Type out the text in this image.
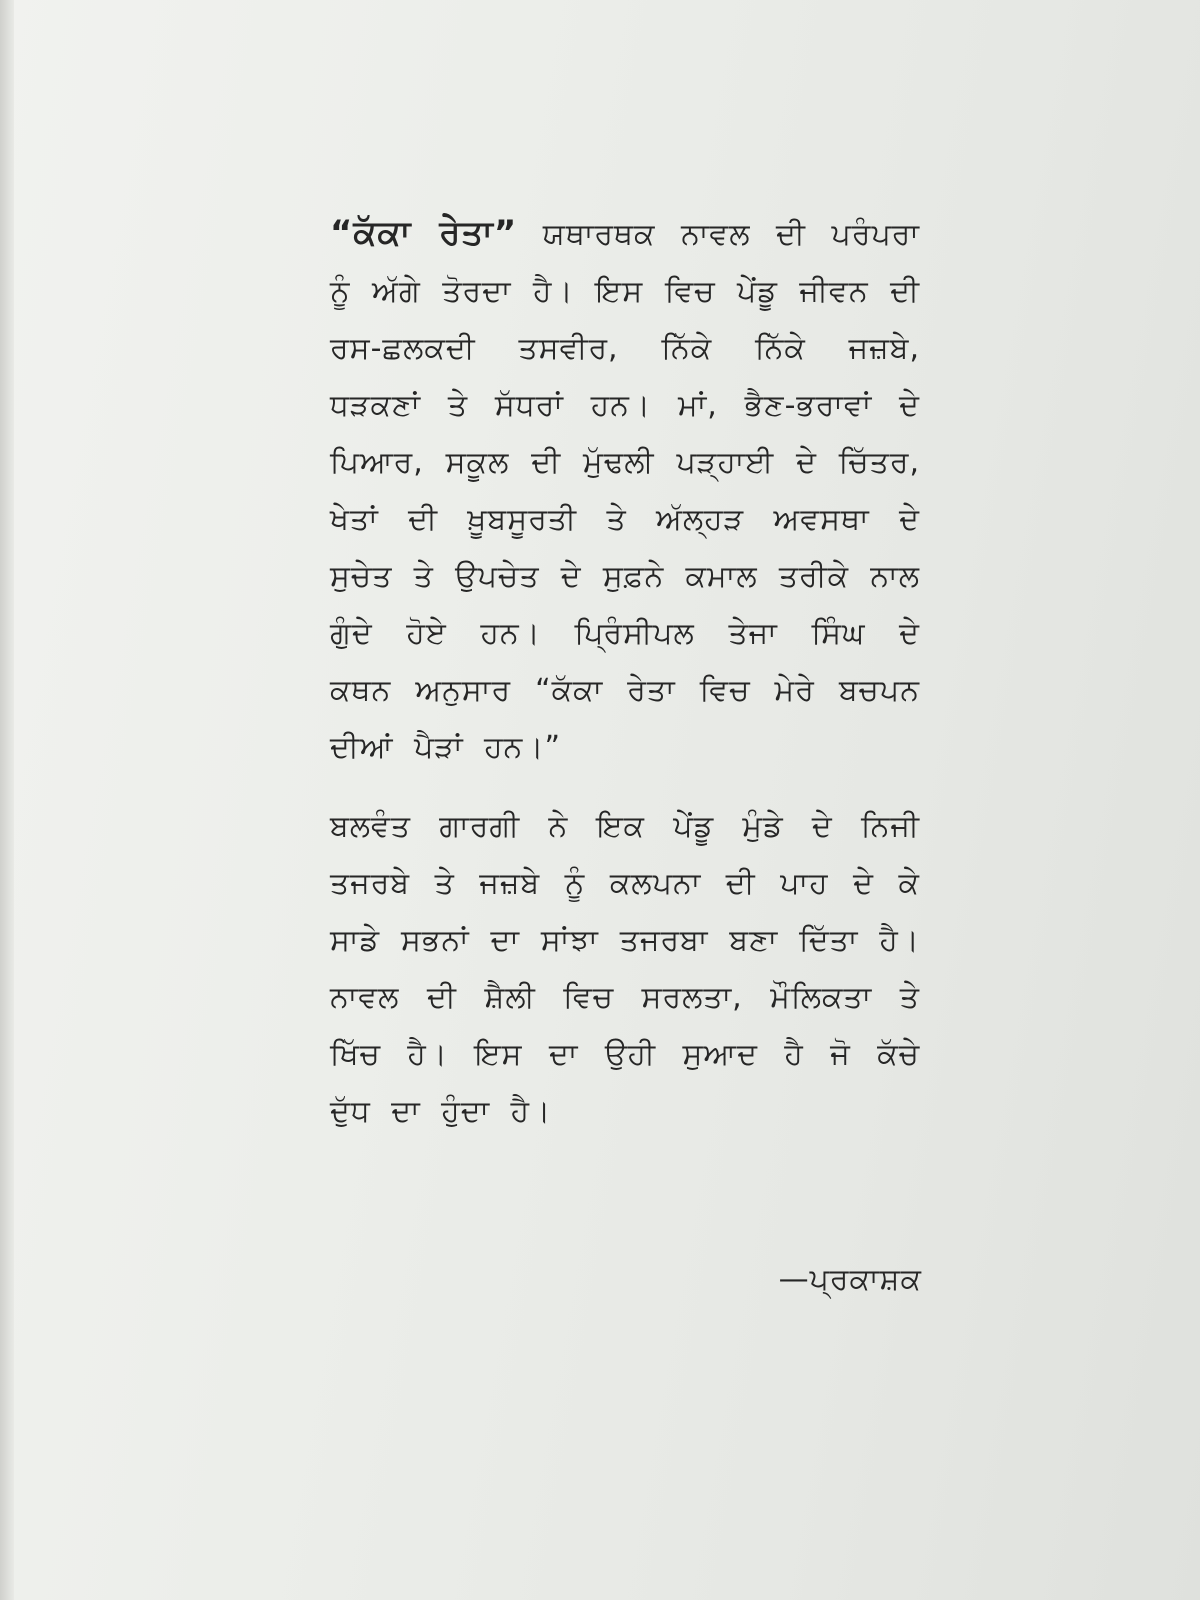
“ਕੱਕਾ ਰੇਤਾ” ਯਥਾਰਥਕ ਨਾਵਲ ਦੀ ਪਰੰਪਰਾ ਨੂੰ ਅੱਗੇ ਤੋਰਦਾ ਹੈ। ਇਸ ਵਿਚ ਪੇਂਡੂ ਜੀਵਨ ਦੀ ਰਸ-ਛਲਕਦੀ ਤਸਵੀਰ, ਨਿੱਕੇ ਨਿੱਕੇ ਜਜ਼ਬੇ, ਧੜਕਣਾਂ ਤੇ ਸੱਧਰਾਂ ਹਨ। ਮਾਂ, ਭੈਣ-ਭਰਾਵਾਂ ਦੇ ਪਿਆਰ, ਸਕੂਲ ਦੀ ਮੁੱਢਲੀ ਪੜ੍ਹਾਈ ਦੇ ਚਿੱਤਰ, ਖੇਤਾਂ ਦੀ ਖ਼ੂਬਸੂਰਤੀ ਤੇ ਅੱਲ੍ਹੜ ਅਵਸਥਾ ਦੇ ਸੁਚੇਤ ਤੇ ਉਪਚੇਤ ਦੇ ਸੁਫ਼ਨੇ ਕਮਾਲ ਤਰੀਕੇ ਨਾਲ ਗੁੰਦੇ ਹੋਏ ਹਨ। ਪ੍ਰਿੰਸੀਪਲ ਤੇਜਾ ਸਿੰਘ ਦੇ ਕਥਨ ਅਨੁਸਾਰ “ਕੱਕਾ ਰੇਤਾ ਵਿਚ ਮੇਰੇ ਬਚਪਨ ਦੀਆਂ ਪੈੜਾਂ ਹਨ।”

ਬਲਵੰਤ ਗਾਰਗੀ ਨੇ ਇਕ ਪੇਂਡੂ ਮੁੰਡੇ ਦੇ ਨਿਜੀ ਤਜਰਬੇ ਤੇ ਜਜ਼ਬੇ ਨੂੰ ਕਲਪਨਾ ਦੀ ਪਾਹ ਦੇ ਕੇ ਸਾਡੇ ਸਭਨਾਂ ਦਾ ਸਾਂਝਾ ਤਜਰਬਾ ਬਣਾ ਦਿੱਤਾ ਹੈ। ਨਾਵਲ ਦੀ ਸ਼ੈਲੀ ਵਿਚ ਸਰਲਤਾ, ਮੌਲਿਕਤਾ ਤੇ ਖਿੱਚ ਹੈ। ਇਸ ਦਾ ਉਹੀ ਸੁਆਦ ਹੈ ਜੋ ਕੱਚੇ ਦੁੱਧ ਦਾ ਹੁੰਦਾ ਹੈ।

—ਪ੍ਰਕਾਸ਼ਕ
